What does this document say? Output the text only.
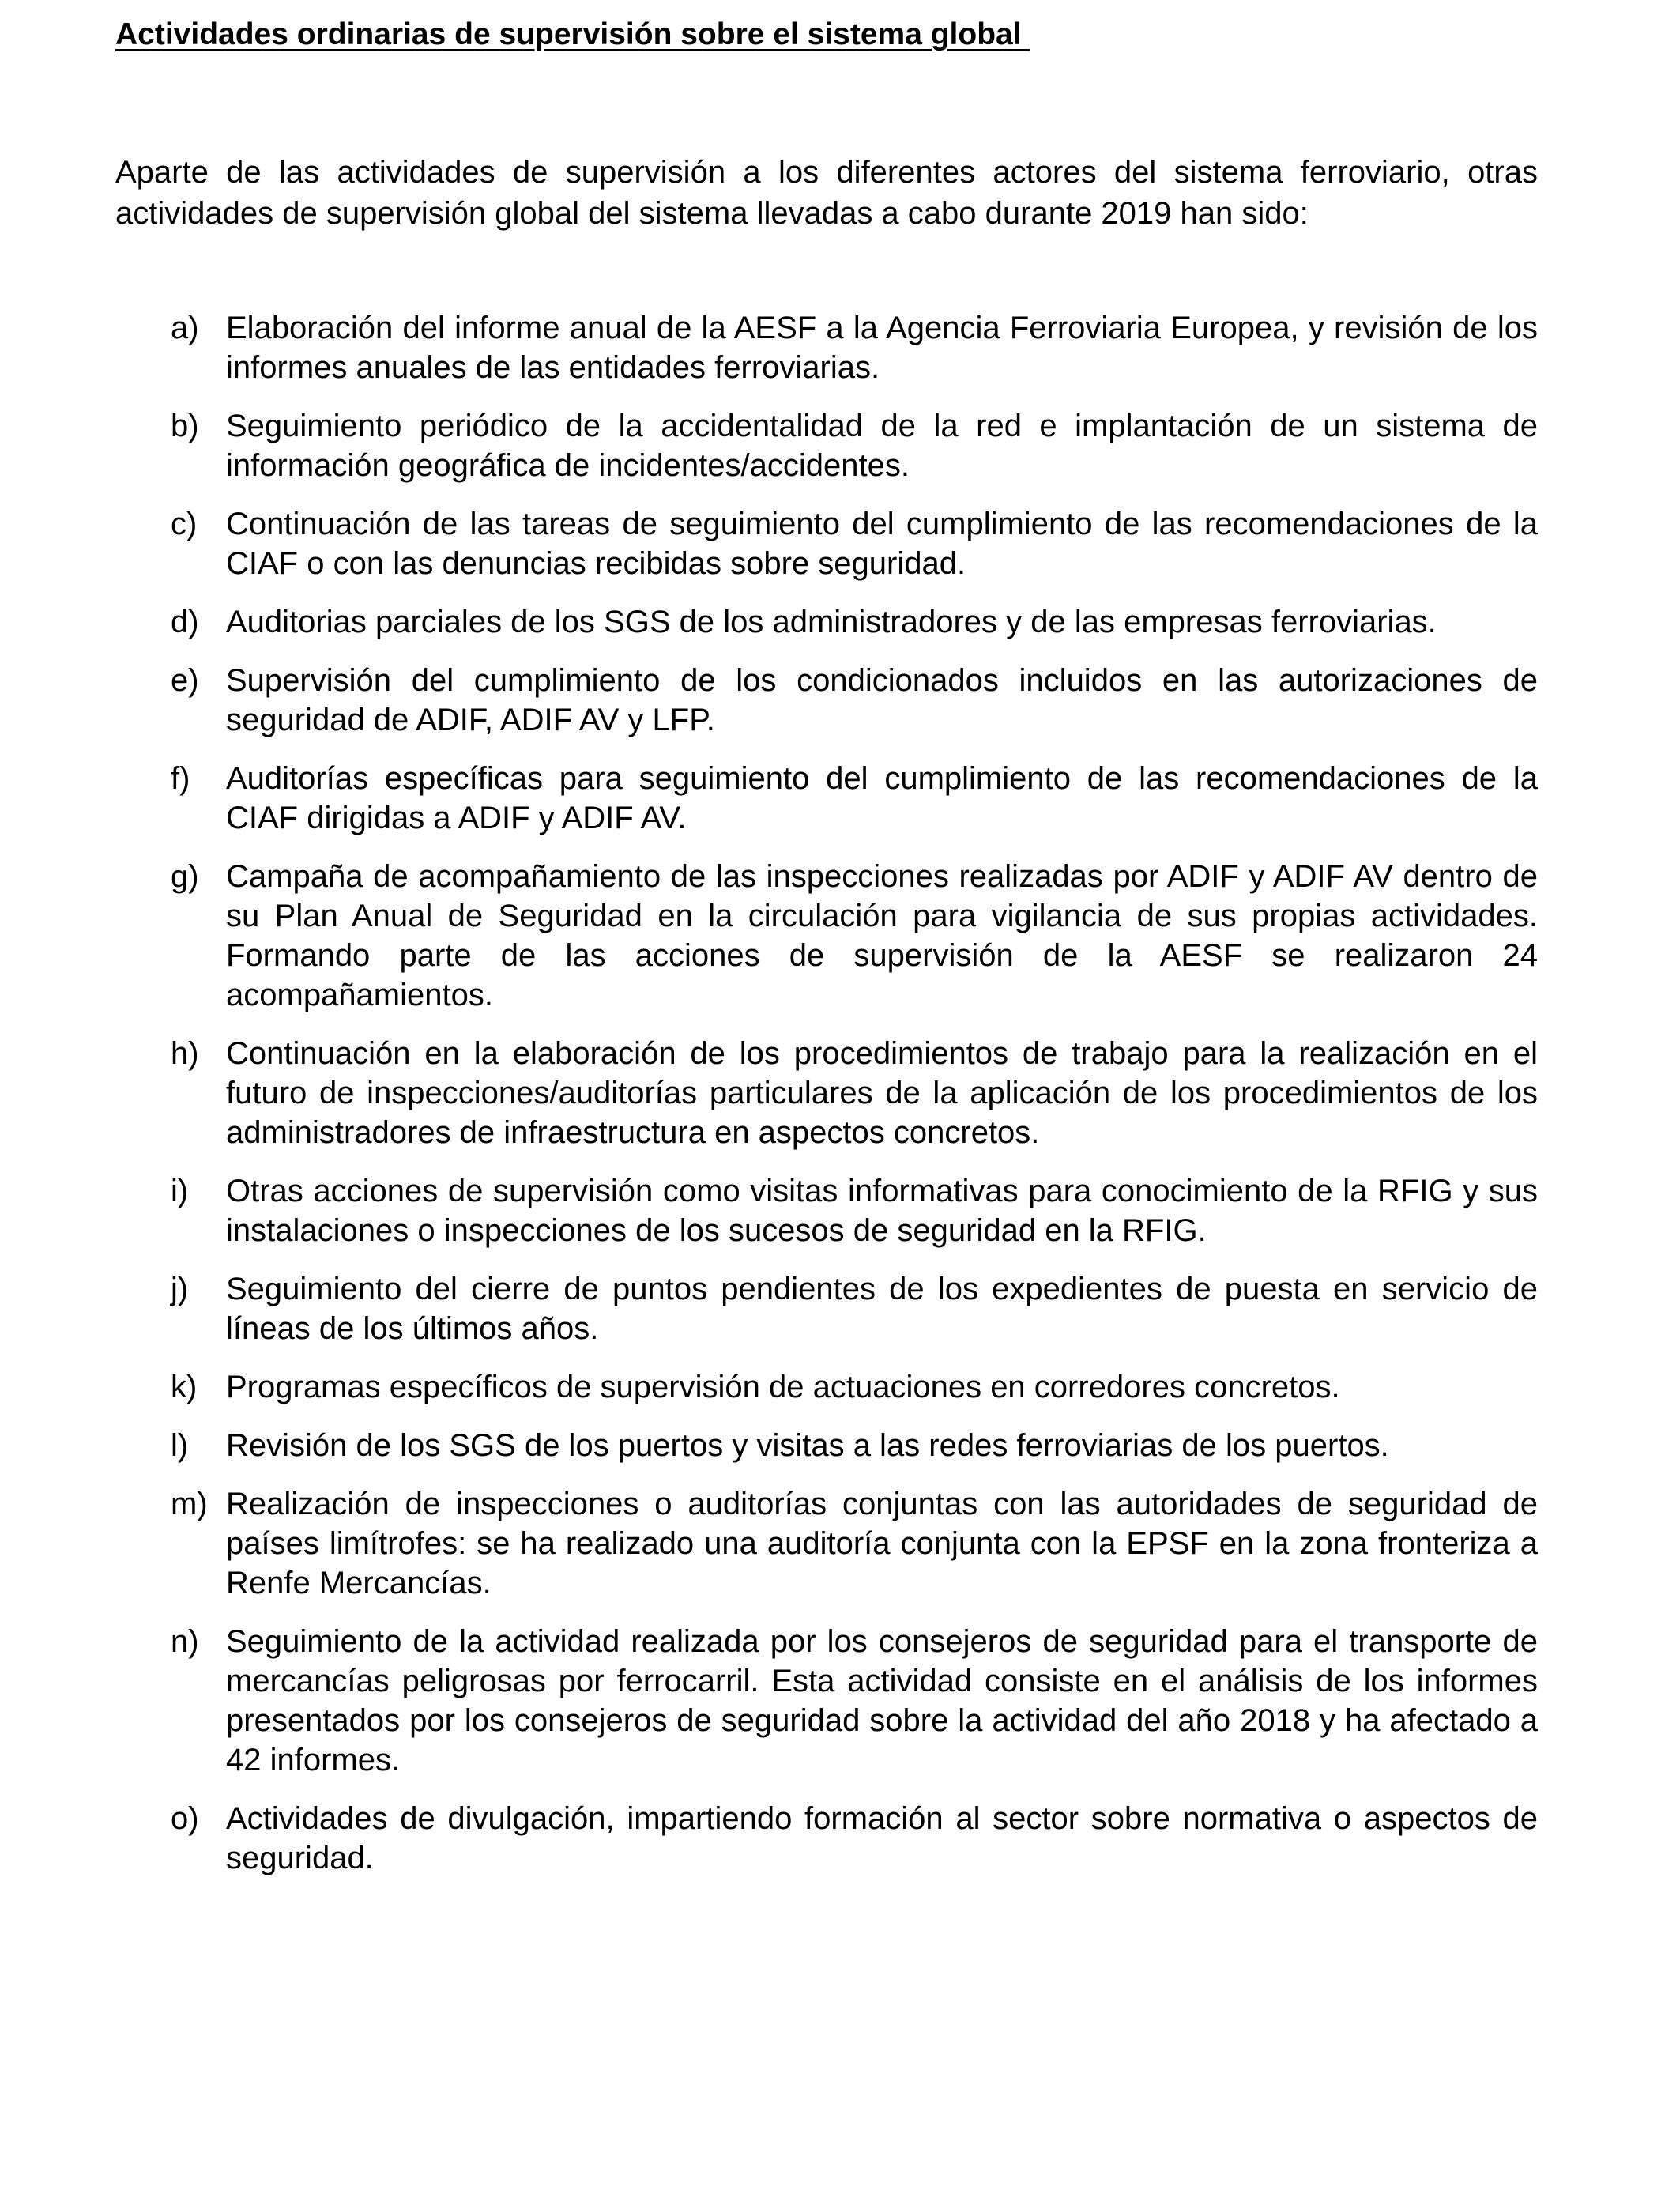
Actividades ordinarias de supervisión sobre el sistema global

Aparte de las actividades de supervisión a los diferentes actores del sistema ferroviario, otras actividades de supervisión global del sistema llevadas a cabo durante 2019 han sido:

a) Elaboración del informe anual de la AESF a la Agencia Ferroviaria Europea, y revisión de los informes anuales de las entidades ferroviarias.
b) Seguimiento periódico de la accidentalidad de la red e implantación de un sistema de información geográfica de incidentes/accidentes.
c) Continuación de las tareas de seguimiento del cumplimiento de las recomendaciones de la CIAF o con las denuncias recibidas sobre seguridad.
d) Auditorias parciales de los SGS de los administradores y de las empresas ferroviarias.
e) Supervisión del cumplimiento de los condicionados incluidos en las autorizaciones de seguridad de ADIF, ADIF AV y LFP.
f)	Auditorías específicas para seguimiento del cumplimiento de las recomendaciones de la CIAF dirigidas a ADIF y ADIF AV.
g) Campaña de acompañamiento de las inspecciones realizadas por ADIF y ADIF AV dentro de su Plan Anual de Seguridad en la circulación para vigilancia de sus propias actividades. Formando parte de las acciones de supervisión de la AESF se realizaron 24 acompañamientos.
h) Continuación en la elaboración de los procedimientos de trabajo para la realización en el futuro de inspecciones/auditorías particulares de la aplicación de los procedimientos de los administradores de infraestructura en aspectos concretos.
i)	Otras acciones de supervisión como visitas informativas para conocimiento de la RFIG y sus instalaciones o inspecciones de los sucesos de seguridad en la RFIG.
j)	Seguimiento del cierre de puntos pendientes de los expedientes de puesta en servicio de líneas de los últimos años.
k) Programas específicos de supervisión de actuaciones en corredores concretos.
l)	Revisión de los SGS de los puertos y visitas a las redes ferroviarias de los puertos.
m) Realización de inspecciones o auditorías conjuntas con las autoridades de seguridad de países limítrofes: se ha realizado una auditoría conjunta con la EPSF en la zona fronteriza a Renfe Mercancías.
n) Seguimiento de la actividad realizada por los consejeros de seguridad para el transporte de mercancías peligrosas por ferrocarril. Esta actividad consiste en el análisis de los informes presentados por los consejeros de seguridad sobre la actividad del año 2018 y ha afectado a 42 informes.
o) Actividades de divulgación, impartiendo formación al sector sobre normativa o aspectos de seguridad.
